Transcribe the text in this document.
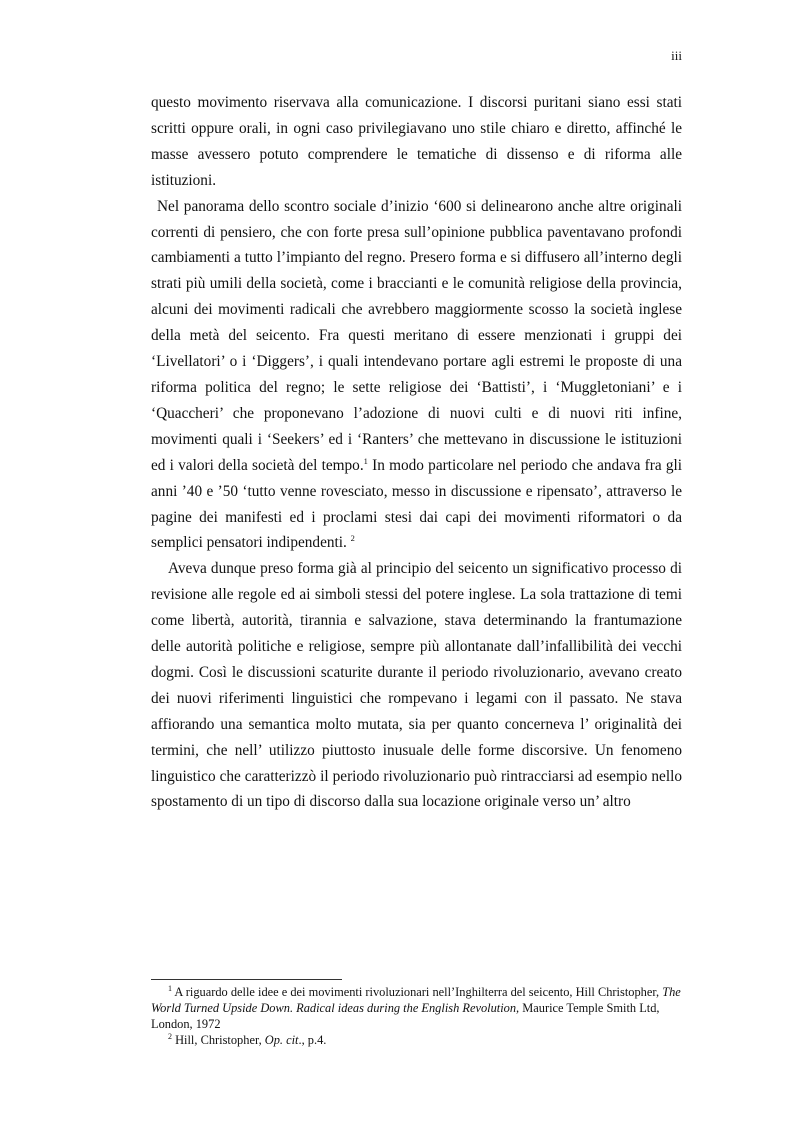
iii

questo movimento riservava alla comunicazione. I discorsi puritani siano essi stati scritti oppure orali, in ogni caso privilegiavano uno stile chiaro e diretto, affinché le masse avessero potuto comprendere le tematiche di dissenso e di riforma alle istituzioni.

Nel panorama dello scontro sociale d’inizio ‘600 si delinearono anche altre originali correnti di pensiero, che con forte presa sull’opinione pubblica paventavano profondi cambiamenti a tutto l’impianto del regno. Presero forma e si diffusero all’interno degli strati più umili della società, come i braccianti e le comunità religiose della provincia, alcuni dei movimenti radicali che avrebbero maggiormente scosso la società inglese della metà del seicento. Fra questi meritano di essere menzionati i gruppi dei ‘Livellatori’ o i ‘Diggers’, i quali intendevano portare agli estremi le proposte di una riforma politica del regno; le sette religiose dei ‘Battisti’, i ‘Muggletoniani’ e i ‘Quaccheri’ che proponevano l’adozione di nuovi culti e di nuovi riti infine, movimenti quali i ‘Seekers’ ed i ‘Ranters’ che mettevano in discussione le istituzioni ed i valori della società del tempo.$^1$ In modo particolare nel periodo che andava fra gli anni ’40 e ’50 ‘tutto venne rovesciato, messo in discussione e ripensato’, attraverso le pagine dei manifesti ed i proclami stesi dai capi dei movimenti riformatori o da semplici pensatori indipendenti. $^2$

Aveva dunque preso forma già al principio del seicento un significativo processo di revisione alle regole ed ai simboli stessi del potere inglese. La sola trattazione di temi come libertà, autorità, tirannia e salvazione, stava determinando la frantumazione delle autorità politiche e religiose, sempre più allontanate dall’infallibilità dei vecchi dogmi. Così le discussioni scaturite durante il periodo rivoluzionario, avevano creato dei nuovi riferimenti linguistici che rompevano i legami con il passato. Ne stava affiorando una semantica molto mutata, sia per quanto concerneva l’ originalità dei termini, che nell’ utilizzo piuttosto inusuale delle forme discorsive. Un fenomeno linguistico che caratterizzò il periodo rivoluzionario può rintracciarsi ad esempio nello spostamento di un tipo di discorso dalla sua locazione originale verso un’ altro

$^1$ A riguardo delle idee e dei movimenti rivoluzionari nell’Inghilterra del seicento, Hill Christopher, The World Turned Upside Down. Radical ideas during the English Revolution, Maurice Temple Smith Ltd, London, 1972

$^2$ Hill, Christopher, Op. cit., p.4.
